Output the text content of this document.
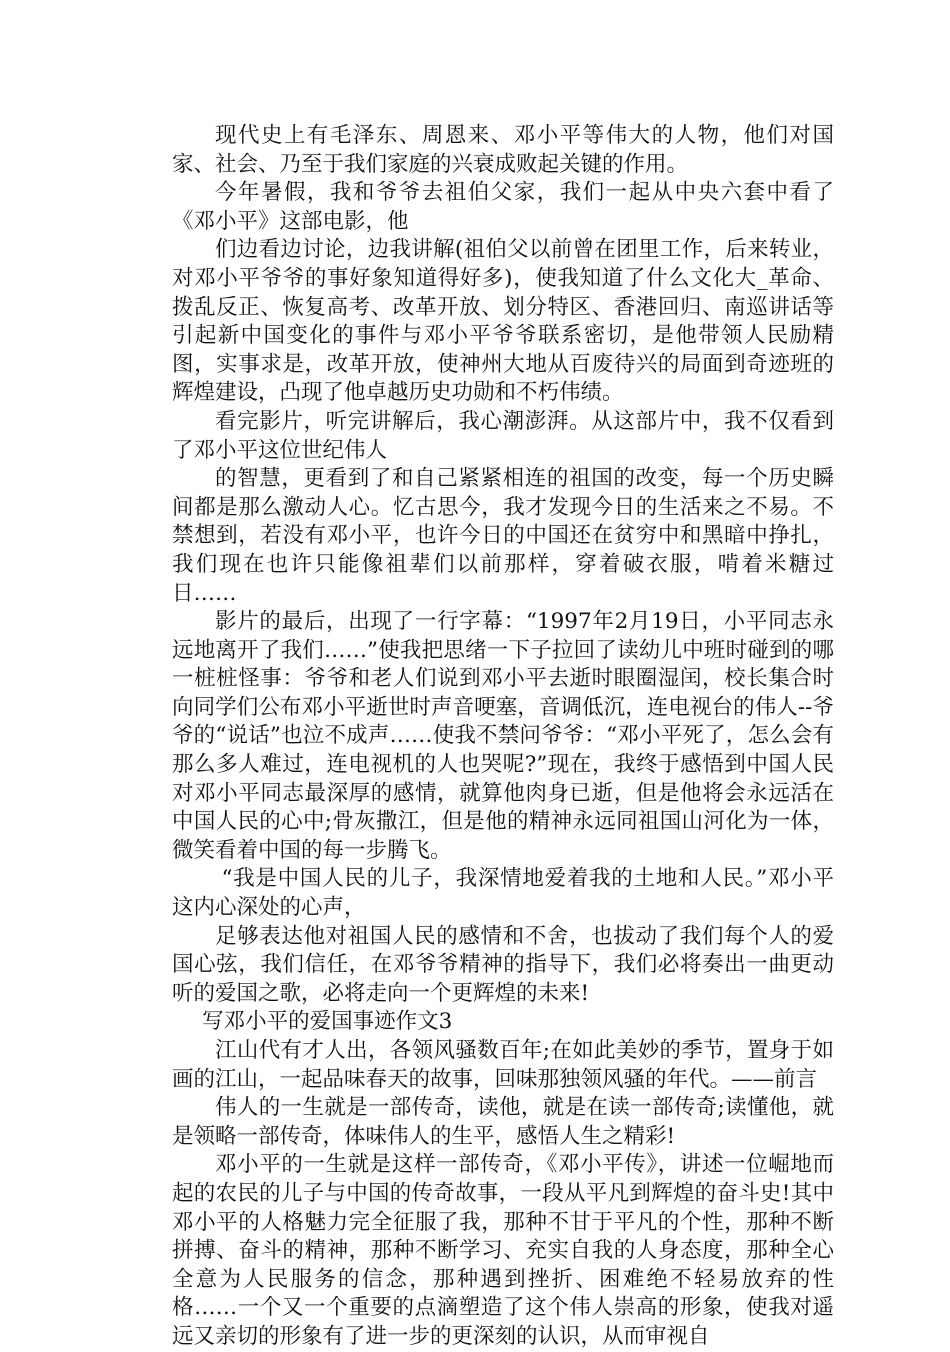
现代史上有毛泽东、周恩来、邓小平等伟大的人物，他们对国家、社会、乃至于我们家庭的兴衰成败起关键的作用。

今年暑假，我和爷爷去祖伯父家，我们一起从中央六套中看了《邓小平》这部电影，他

们边看边讨论，边我讲解(祖伯父以前曾在团里工作，后来转业，对邓小平爷爷的事好象知道得好多)，使我知道了什么文化大_革命、拨乱反正、恢复高考、改革开放、划分特区、香港回归、南巡讲话等引起新中国变化的事件与邓小平爷爷联系密切，是他带领人民励精图，实事求是，改革开放，使神州大地从百废待兴的局面到奇迹班的辉煌建设，凸现了他卓越历史功勋和不朽伟绩。

看完影片，听完讲解后，我心潮澎湃。从这部片中，我不仅看到了邓小平这位世纪伟人

的智慧，更看到了和自己紧紧相连的祖国的改变，每一个历史瞬间都是那么激动人心。忆古思今，我才发现今日的生活来之不易。不禁想到，若没有邓小平，也许今日的中国还在贫穷中和黑暗中挣扎，我们现在也许只能像祖辈们以前那样，穿着破衣服，啃着米糖过日……

影片的最后，出现了一行字幕：“1997年2月19日，小平同志永远地离开了我们……”使我把思绪一下子拉回了读幼儿中班时碰到的哪一桩桩怪事：爷爷和老人们说到邓小平去逝时眼圈湿闰，校长集合时向同学们公布邓小平逝世时声音哽塞，音调低沉，连电视台的伟人--爷爷的“说话”也泣不成声……使我不禁问爷爷：“邓小平死了，怎么会有那么多人难过，连电视机的人也哭呢?”现在，我终于感悟到中国人民对邓小平同志最深厚的感情，就算他肉身已逝，但是他将会永远活在中国人民的心中;骨灰撒江，但是他的精神永远同祖国山河化为一体，微笑看着中国的每一步腾飞。

“我是中国人民的儿子，我深情地爱着我的土地和人民。”邓小平这内心深处的心声，

足够表达他对祖国人民的感情和不舍，也拔动了我们每个人的爱国心弦，我们信任，在邓爷爷精神的指导下，我们必将奏出一曲更动听的爱国之歌，必将走向一个更辉煌的未来!

写邓小平的爱国事迹作文3

江山代有才人出，各领风骚数百年;在如此美妙的季节，置身于如画的江山，一起品味春天的故事，回味那独领风骚的年代。——前言

伟人的一生就是一部传奇，读他，就是在读一部传奇;读懂他，就是领略一部传奇，体味伟人的生平，感悟人生之精彩!

邓小平的一生就是这样一部传奇，《邓小平传》，讲述一位崛地而起的农民的儿子与中国的传奇故事，一段从平凡到辉煌的奋斗史!其中邓小平的人格魅力完全征服了我，那种不甘于平凡的个性，那种不断拼搏、奋斗的精神，那种不断学习、充实自我的人身态度，那种全心全意为人民服务的信念，那种遇到挫折、困难绝不轻易放弃的性格……一个又一个重要的点滴塑造了这个伟人崇高的形象，使我对遥远又亲切的形象有了进一步的更深刻的认识，从而审视自
